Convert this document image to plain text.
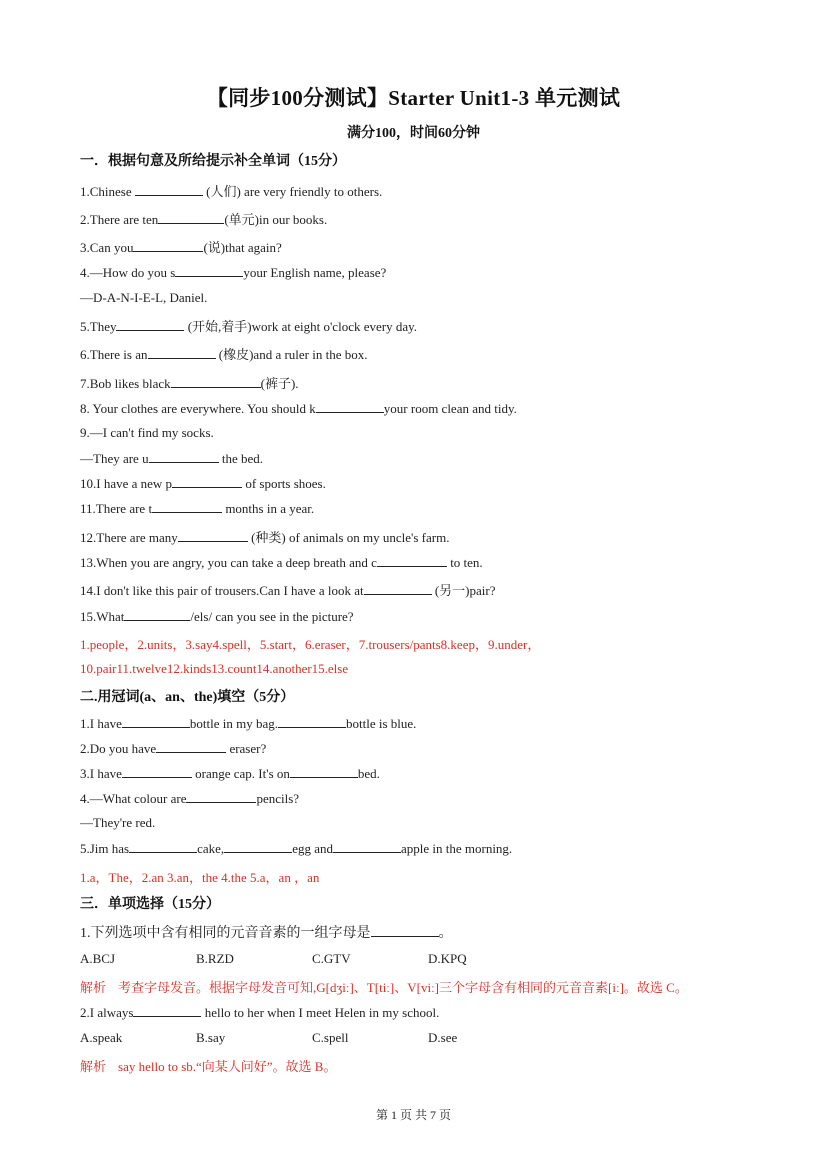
【同步100分测试】Starter Unit1-3 单元测试
满分100，时间60分钟
一．根据句意及所给提示补全单词（15分）
1.Chinese	(人们) are very friendly to others.
2.There are ten	(单元)in our books.
3.Can you	(说)that again?
4.—How do you s	your English name, please?
—D-A-N-I-E-L, Daniel.
5.They	(开始,着手)work at eight o'clock every day.
6.There is an	(橡皮)and a ruler in the box.
7.Bob likes black	(裤子).
8. Your clothes are everywhere. You should k	your room clean and tidy.
9.—I can't find my socks.
—They are u	the bed.
10.I have a new p	of sports shoes.
11.There are t	months in a year.
12.There are many	(种类) of animals on my uncle's farm.
13.When you are angry, you can take a deep breath and c	to ten.
14.I don't like this pair of trousers.Can I have a look at	(另一)pair?
15.What	/els/ can you see in the picture?
1.people，2.units，3.say4.spell，5.start，6.eraser，7.trousers/pants8.keep，9.under，
10.pair11.twelve12.kinds13.count14.another15.else
二.用冠词(a、an、the)填空（5分）
1.I have	bottle in my bag.	bottle is blue.
2.Do you have	eraser?
3.I have	orange cap. It's on	bed.
4.—What colour are	pencils?
—They're red.
5.Jim has	cake,	egg and	apple in the morning.
1.a，The，2.an 3.an，the 4.the 5.a，an ，an
三．单项选择（15分）
1.下列选项中含有相同的元音音素的一组字母是	。
A.BCJ	B.RZD	C.GTV	D.KPQ
解析 考查字母发音。根据字母发音可知,G[dʒiː]、T[tiː]、V[viː]三个字母含有相同的元音音素[iː]。故选 C。
2.I always	hello to her when I meet Helen in my school.
A.speak	B.say	C.spell	D.see
解析 say hello to sb.“向某人问好”。故选 B。
第 1 页 共 7 页
